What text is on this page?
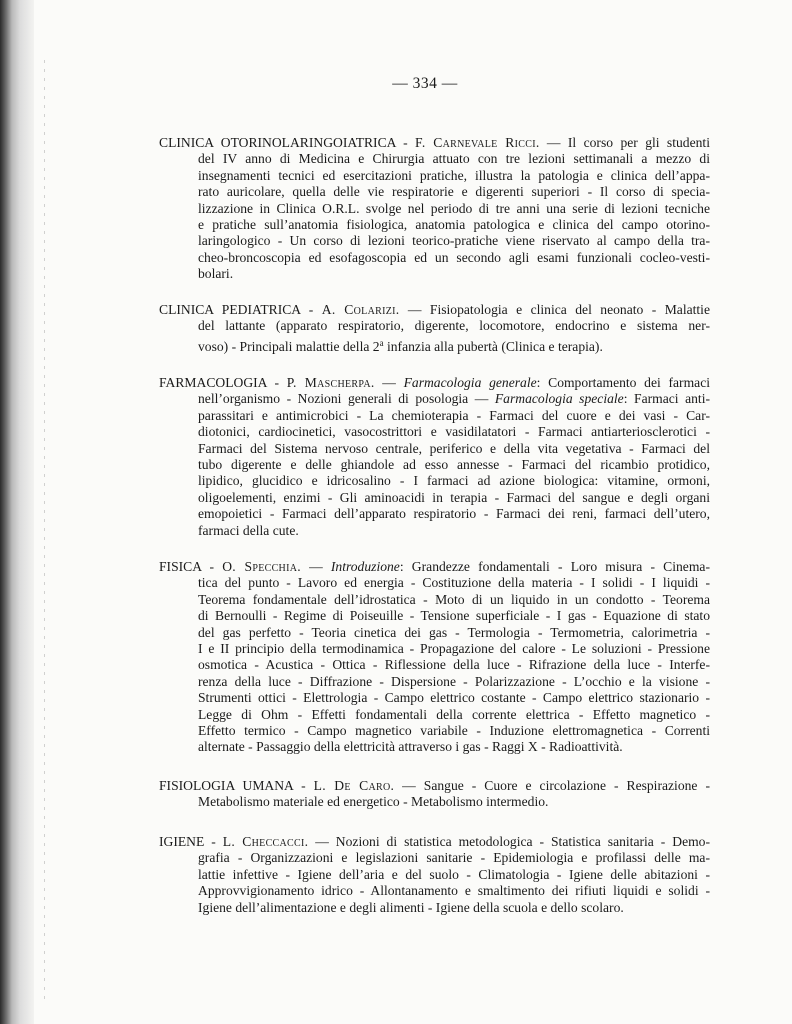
— 334 —
CLINICA OTORINOLARINGOIATRICA - F. Carnevale Ricci. — Il corso per gli studenti
del IV anno di Medicina e Chirurgia attuato con tre lezioni settimanali a mezzo di
insegnamenti tecnici ed esercitazioni pratiche, illustra la patologia e clinica dell’appa-
rato auricolare, quella delle vie respiratorie e digerenti superiori - Il corso di specia-
lizzazione in Clinica O.R.L. svolge nel periodo di tre anni una serie di lezioni tecniche
e pratiche sull’anatomia fisiologica, anatomia patologica e clinica del campo otorino-
laringologico - Un corso di lezioni teorico-pratiche viene riservato al campo della tra-
cheo-broncoscopia ed esofagoscopia ed un secondo agli esami funzionali cocleo-vesti-
bolari.
CLINICA PEDIATRICA - A. Colarizi. — Fisiopatologia e clinica del neonato - Malattie
del lattante (apparato respiratorio, digerente, locomotore, endocrino e sistema ner-
voso) - Principali malattie della 2$^a$ infanzia alla pubertà (Clinica e terapia).
FARMACOLOGIA - P. Mascherpa. — Farmacologia generale: Comportamento dei farmaci
nell’organismo - Nozioni generali di posologia — Farmacologia speciale: Farmaci anti-
parassitari e antimicrobici - La chemioterapia - Farmaci del cuore e dei vasi - Car-
diotonici, cardiocinetici, vasocostrittori e vasidilatatori - Farmaci antiarteriosclerotici -
Farmaci del Sistema nervoso centrale, periferico e della vita vegetativa - Farmaci del
tubo digerente e delle ghiandole ad esso annesse - Farmaci del ricambio protidico,
lipidico, glucidico e idricosalino - I farmaci ad azione biologica: vitamine, ormoni,
oligoelementi, enzimi - Gli aminoacidi in terapia - Farmaci del sangue e degli organi
emopoietici - Farmaci dell’apparato respiratorio - Farmaci dei reni, farmaci dell’utero,
farmaci della cute.
FISICA - O. Specchia. — Introduzione: Grandezze fondamentali - Loro misura - Cinema-
tica del punto - Lavoro ed energia - Costituzione della materia - I solidi - I liquidi -
Teorema fondamentale dell’idrostatica - Moto di un liquido in un condotto - Teorema
di Bernoulli - Regime di Poiseuille - Tensione superficiale - I gas - Equazione di stato
del gas perfetto - Teoria cinetica dei gas - Termologia - Termometria, calorimetria -
I e II principio della termodinamica - Propagazione del calore - Le soluzioni - Pressione
osmotica - Acustica - Ottica - Riflessione della luce - Rifrazione della luce - Interfe-
renza della luce - Diffrazione - Dispersione - Polarizzazione - L’occhio e la visione -
Strumenti ottici - Elettrologia - Campo elettrico costante - Campo elettrico stazionario -
Legge di Ohm - Effetti fondamentali della corrente elettrica - Effetto magnetico -
Effetto termico - Campo magnetico variabile - Induzione elettromagnetica - Correnti
alternate - Passaggio della elettricità attraverso i gas - Raggi X - Radioattività.
FISIOLOGIA UMANA - L. De Caro. — Sangue - Cuore e circolazione - Respirazione -
Metabolismo materiale ed energetico - Metabolismo intermedio.
IGIENE - L. Checcacci. — Nozioni di statistica metodologica - Statistica sanitaria - Demo-
grafia - Organizzazioni e legislazioni sanitarie - Epidemiologia e profilassi delle ma-
lattie infettive - Igiene dell’aria e del suolo - Climatologia - Igiene delle abitazioni -
Approvvigionamento idrico - Allontanamento e smaltimento dei rifiuti liquidi e solidi -
Igiene dell’alimentazione e degli alimenti - Igiene della scuola e dello scolaro.
